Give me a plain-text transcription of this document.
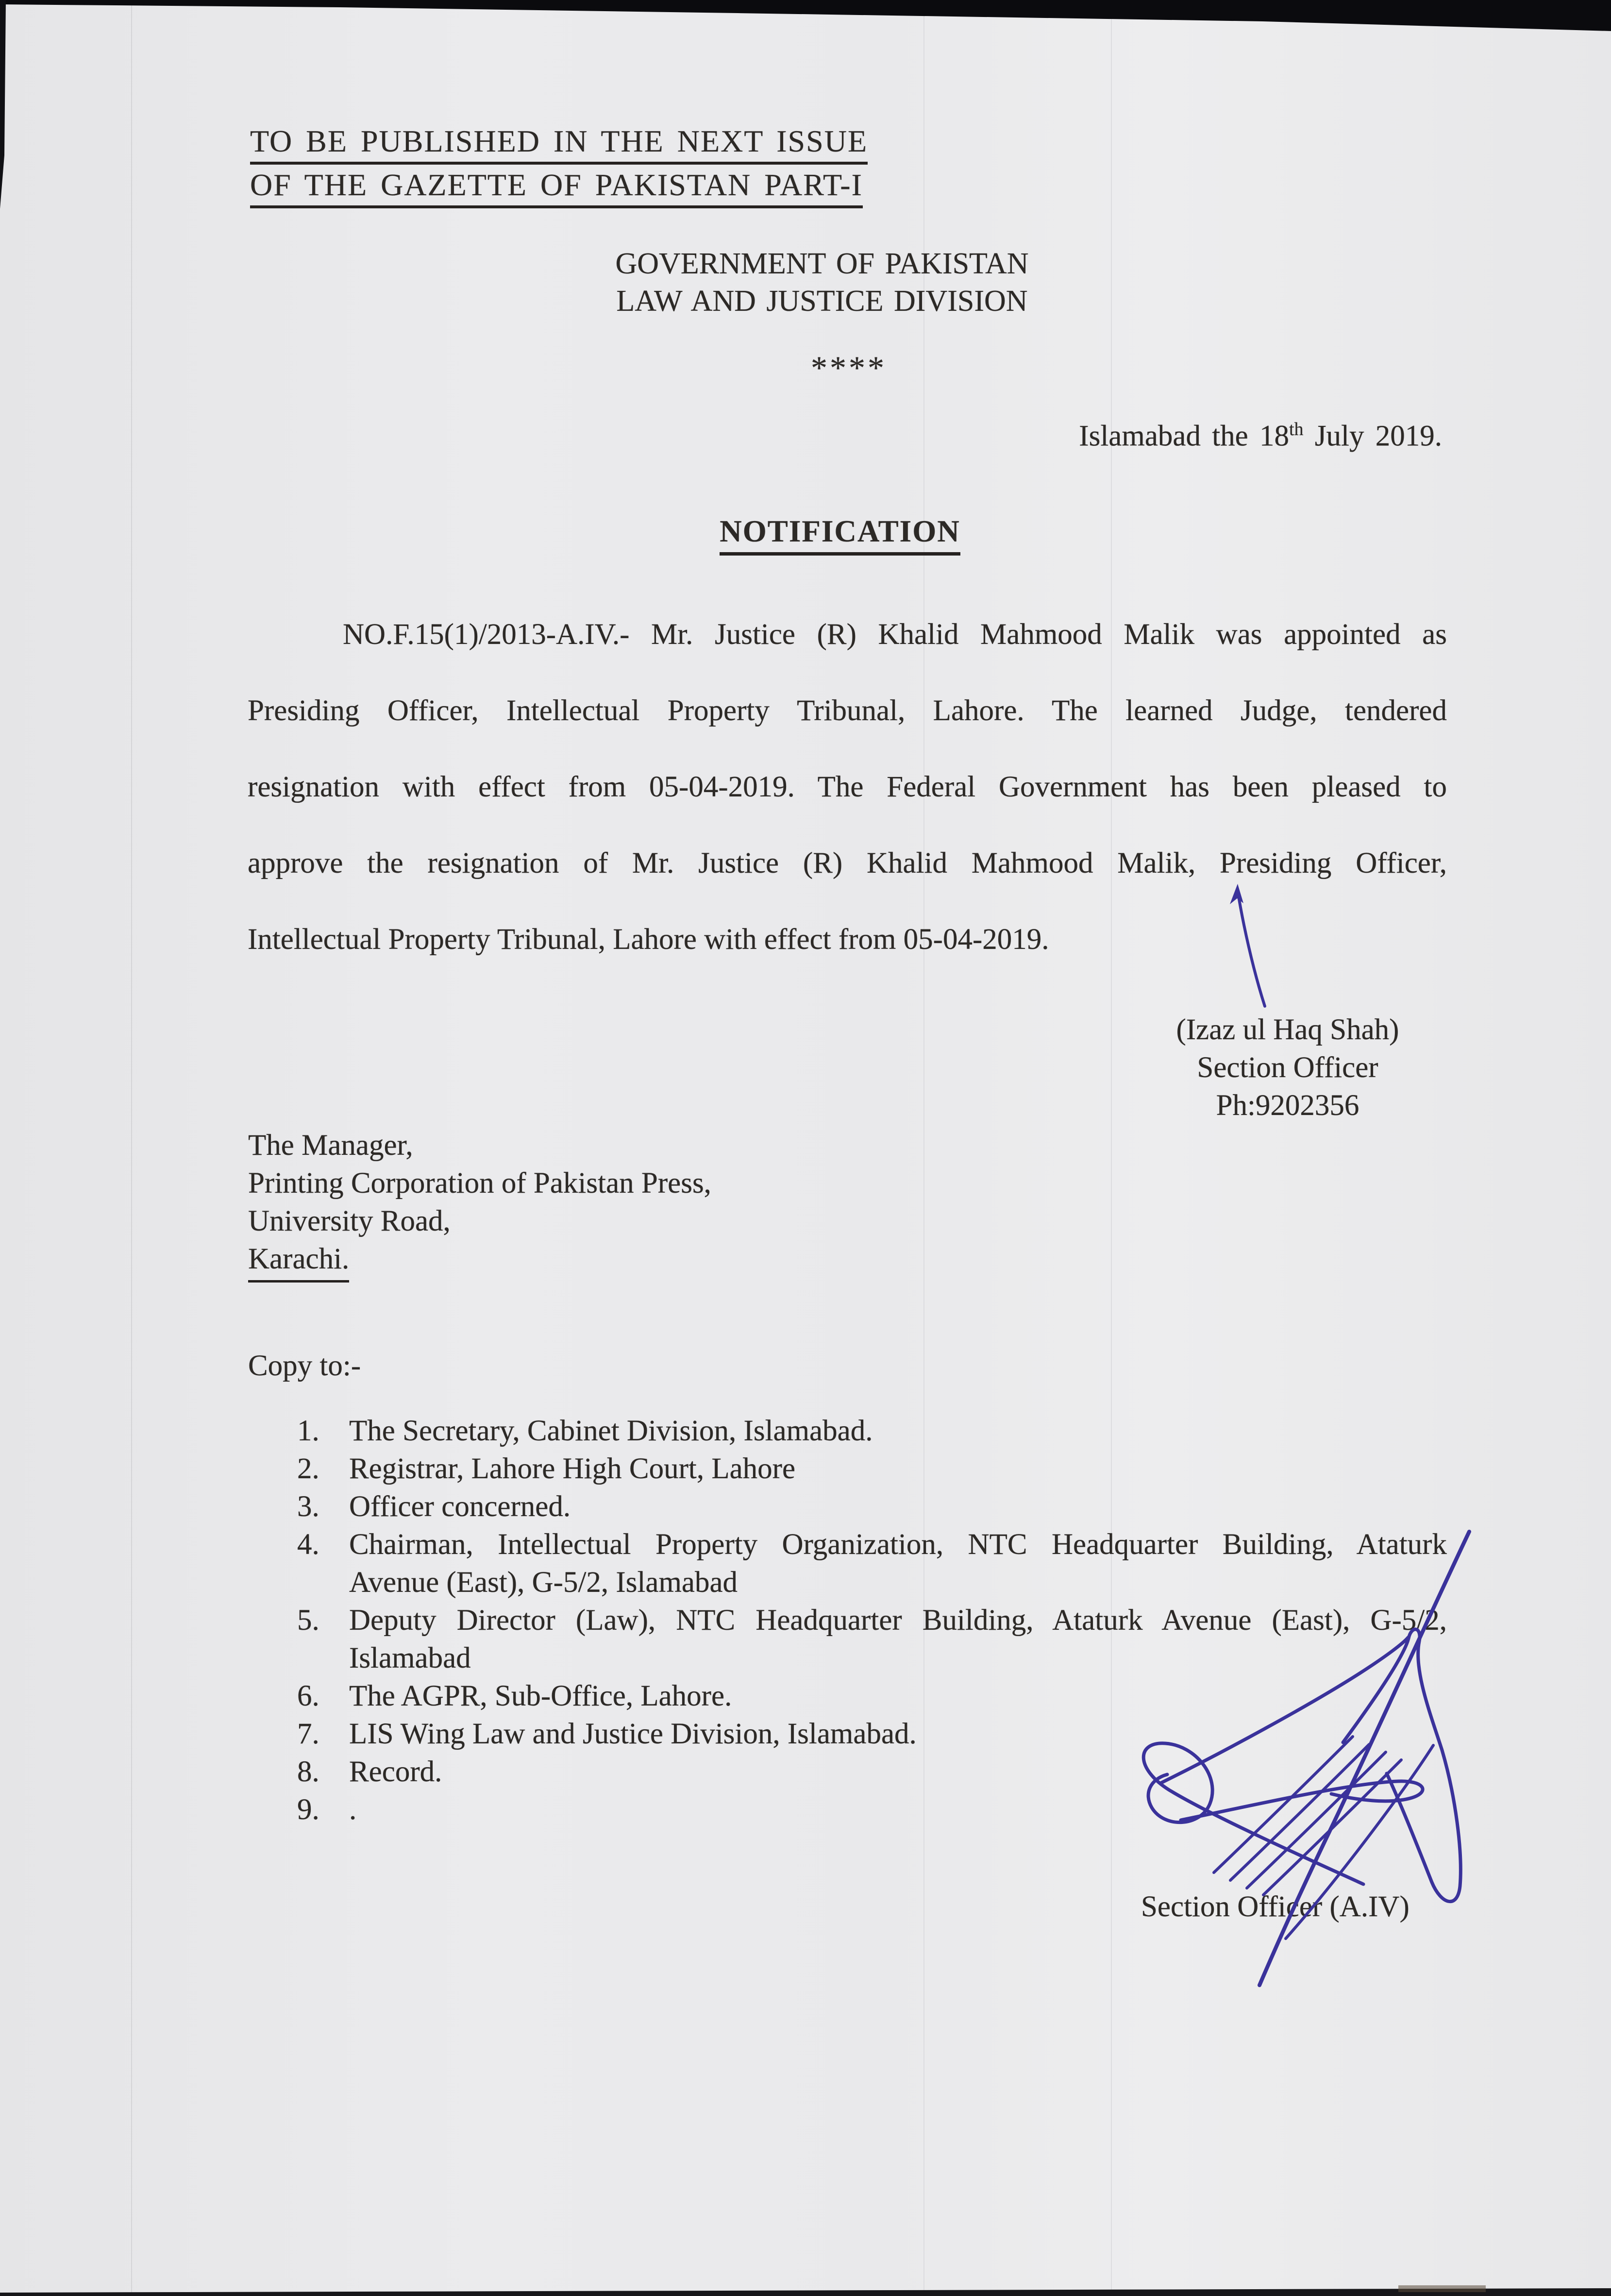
TO BE PUBLISHED IN THE NEXT ISSUE
OF THE GAZETTE OF PAKISTAN PART-I
GOVERNMENT OF PAKISTAN
LAW AND JUSTICE DIVISION
****
Islamabad the 18th July 2019.
NOTIFICATION
NO.F.15(1)/2013-A.IV.- Mr. Justice (R) Khalid Mahmood Malik was appointed as
Presiding Officer, Intellectual Property Tribunal, Lahore. The learned Judge, tendered
resignation with effect from 05-04-2019. The Federal Government has been pleased to
approve the resignation of Mr. Justice (R) Khalid Mahmood Malik, Presiding Officer,
Intellectual Property Tribunal, Lahore with effect from 05-04-2019.
(Izaz ul Haq Shah)
Section Officer
Ph:9202356
The Manager,
Printing Corporation of Pakistan Press,
University Road,
Karachi.
Copy to:-
1.	The Secretary, Cabinet Division, Islamabad.
2.	Registrar, Lahore High Court, Lahore
3.	Officer concerned.
4.	Chairman, Intellectual Property Organization, NTC Headquarter Building, Ataturk
Avenue (East), G-5/2, Islamabad
5.	Deputy Director (Law), NTC Headquarter Building, Ataturk Avenue (East), G-5/2,
Islamabad
6.	The AGPR, Sub-Office, Lahore.
7.	LIS Wing Law and Justice Division, Islamabad.
8.	Record.
9.	.
Section Officer (A.IV)
